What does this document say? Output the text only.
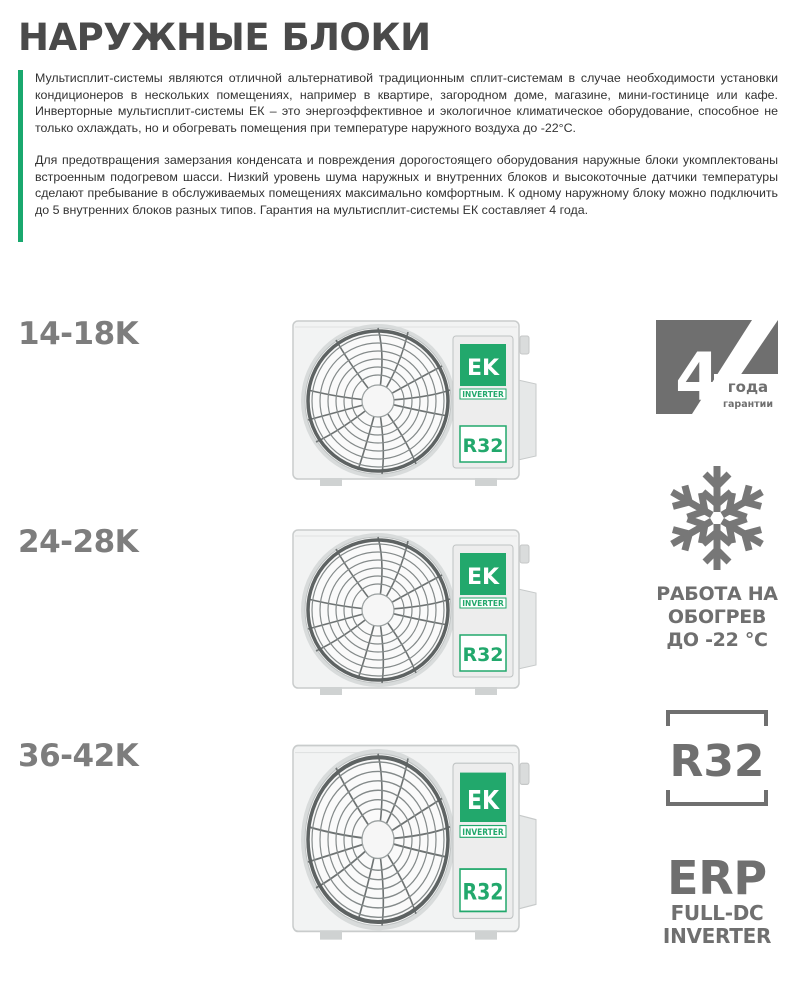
НАРУЖНЫЕ БЛОКИ

Мультисплит-системы являются отличной альтернативой традиционным сплит-системам в случае необходимости установки кондиционеров в нескольких помещениях, например в квартире, загородном доме, магазине, мини-гостинице или кафе. Инверторные мультисплит-системы ЕК – это энергоэффективное и экологичное климатическое оборудование, способное не только охлаждать, но и обогревать помещения при температуре наружного воздуха до -22°С.

Для предотвращения замерзания конденсата и повреждения дорогостоящего оборудования наружные блоки укомплектованы встроенным подогревом шасси. Низкий уровень шума наружных и внутренних блоков и высокоточные датчики температуры сделают пребывание в обслуживаемых помещениях максимально комфортным. К одному наружному блоку можно подключить до 5 внутренних блоков разных типов. Гарантия на мультисплит-системы ЕК составляет 4 года.

14-18K
EK
INVERTER
R32
24-28K
EK
INVERTER
R32
36-42K
EK
INVERTER
R32
4 года
гарантии

РАБОТА НА

ОБОГРЕВ

ДО -22 °С

R32

ERP

FULL-DC

INVERTER
